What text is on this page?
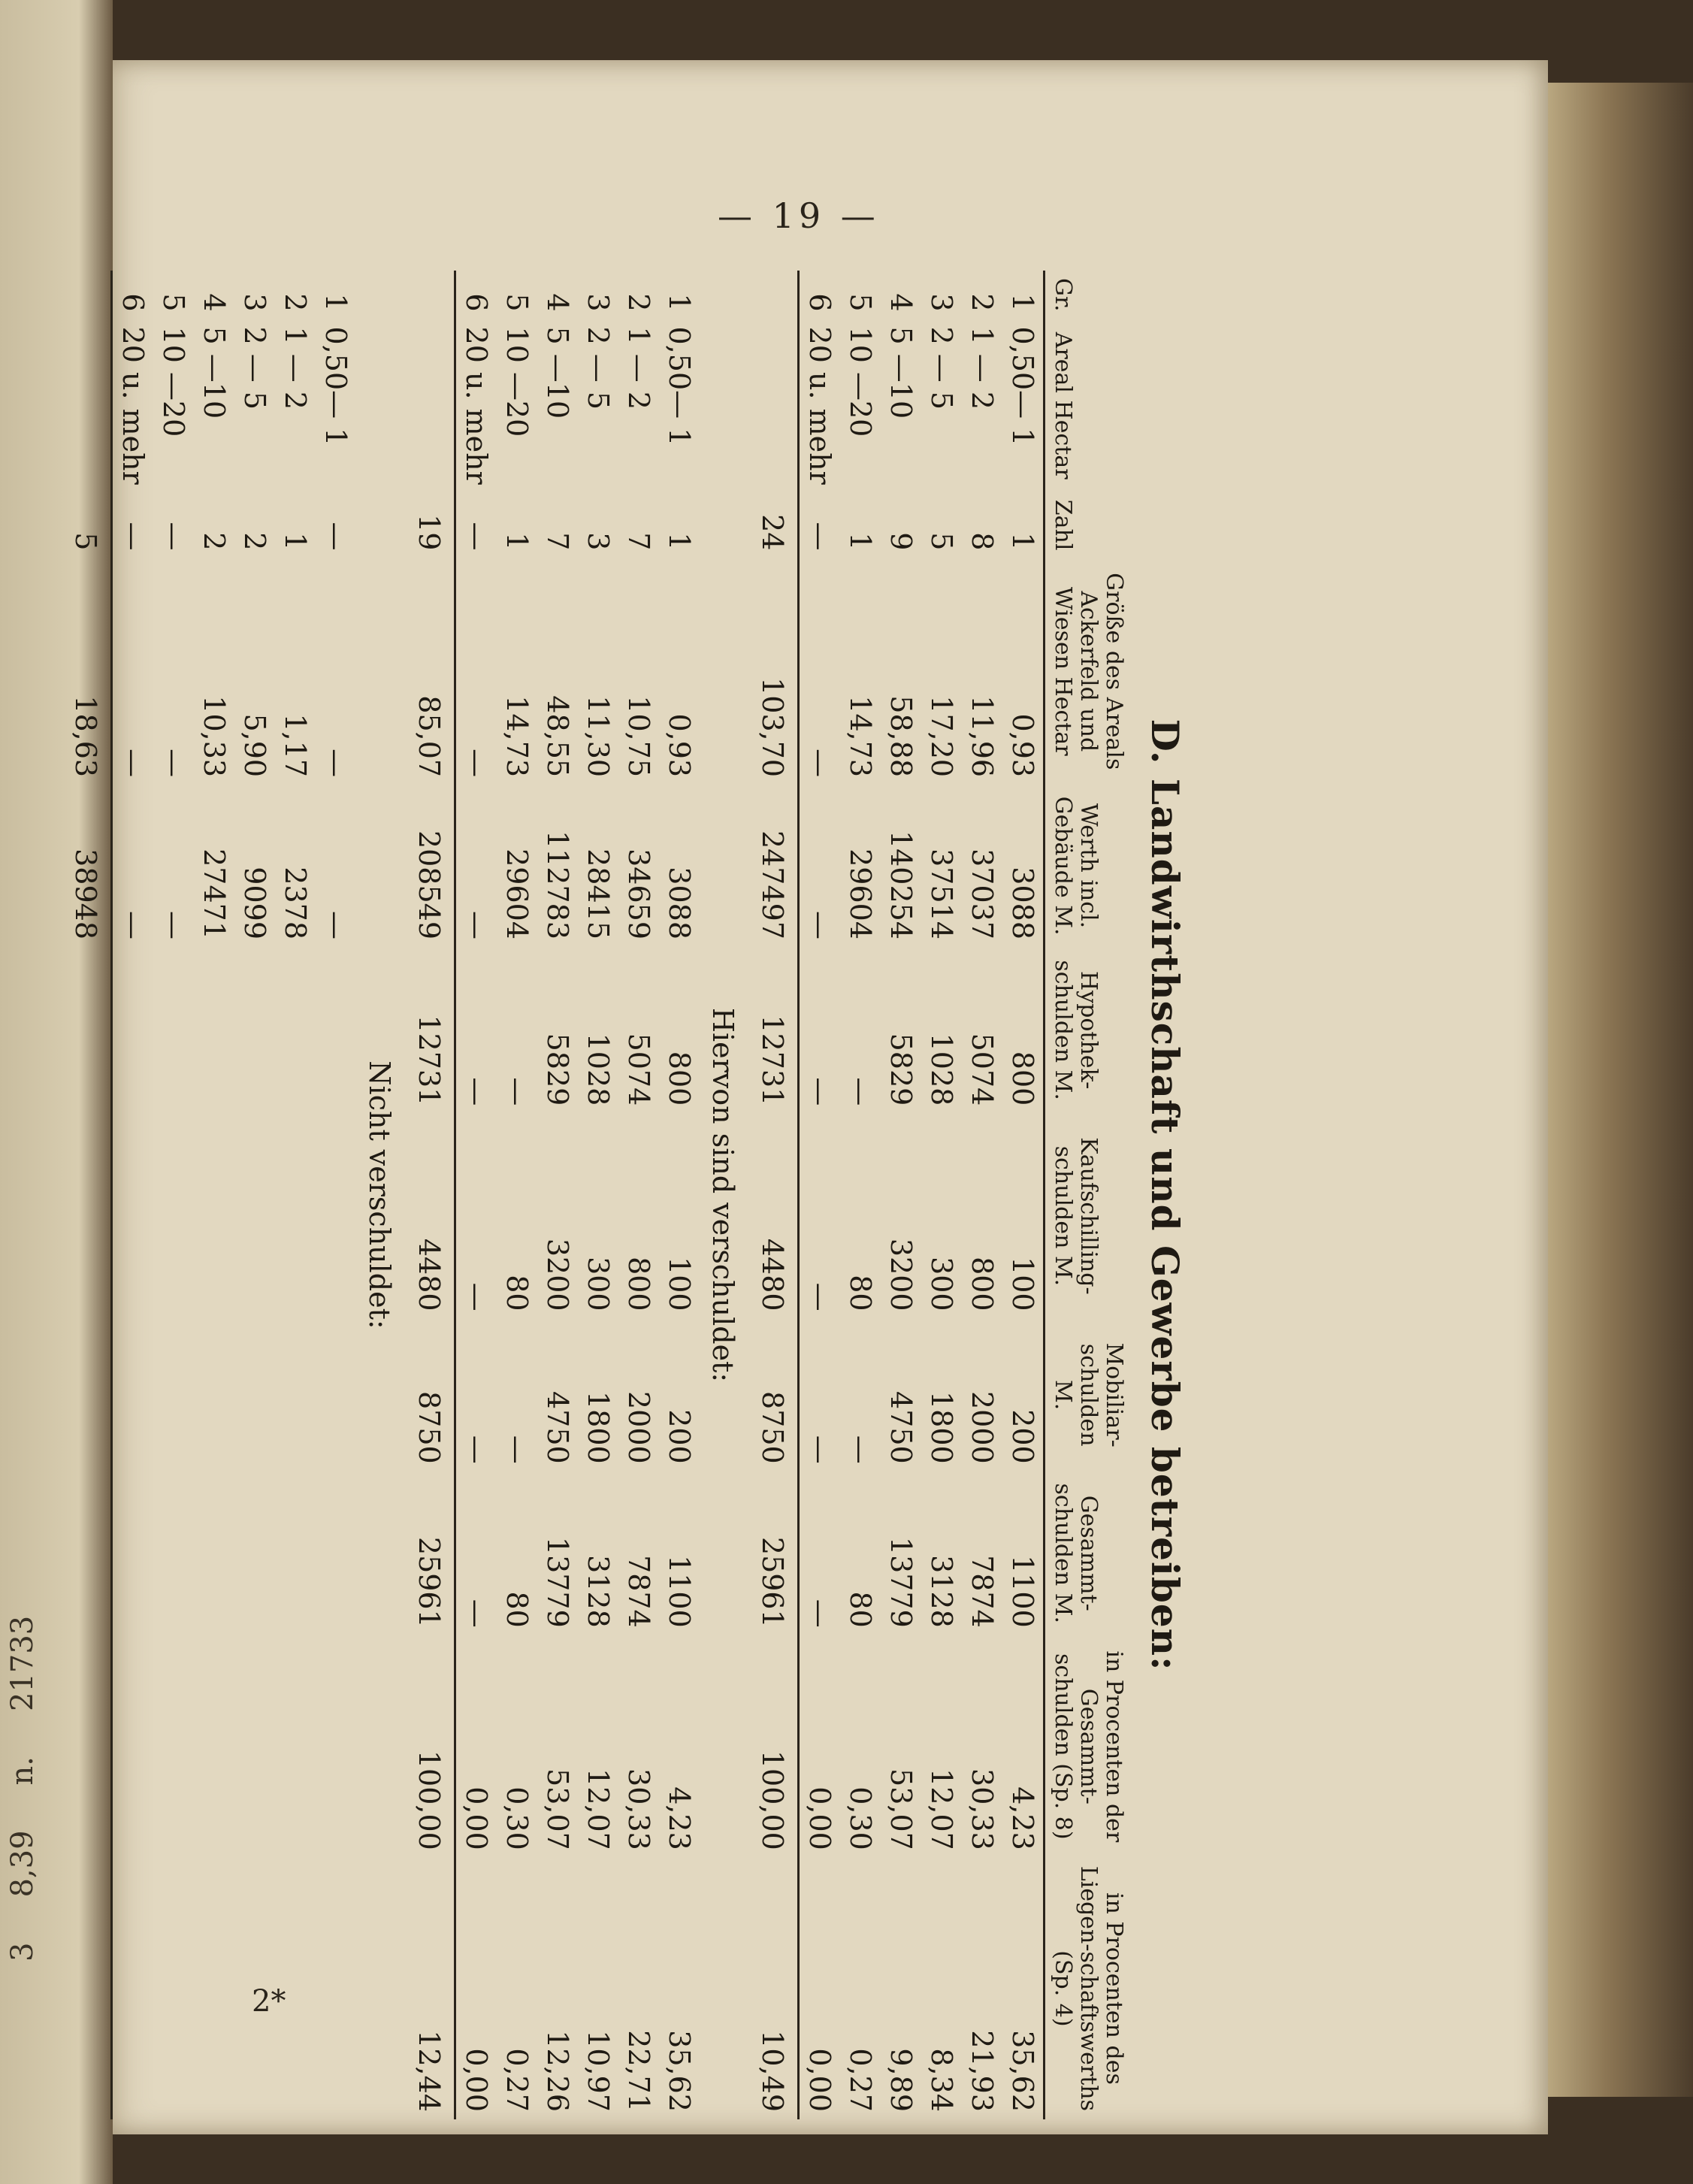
3
8,39
n.
21733
— 19 —
2*
D. Landwirthschaft und Gewerbe betreiben:
Gr.	Areal Hectar	Zahl	Größe des Areals Ackerfeld und Wiesen Hectar	Werth incl. Gebäude M.	Hypothek-schulden M.	Kaufschilling-schulden M.	Mobiliar-schulden M.	Gesammt-schulden M.	in Procenten der Gesammt-schulden (Sp. 8)	in Procenten des Liegen-schaftswerths (Sp. 4)
1	0,50— 1	1	0,93	3088	800	100	200	1100	4,23	35,62
2	1 — 2	8	11,96	37037	5074	800	2000	7874	30,33	21,93
3	2 — 5	5	17,20	37514	1028	300	1800	3128	12,07	8,34
4	5 —10	9	58,88	140254	5829	3200	4750	13779	53,07	9,89
5	10 —20	1	14,73	29604	—	80	—	80	0,30	0,27
6	20 u. mehr	—	—	—	—	—	—	—	0,00	0,00
		24	103,70	247497	12731	4480	8750	25961	100,00	10,49
Hiervon sind verschuldet:										
1	0,50— 1	1	0,93	3088	800	100	200	1100	4,23	35,62
2	1 — 2	7	10,75	34659	5074	800	2000	7874	30,33	22,71
3	2 — 5	3	11,30	28415	1028	300	1800	3128	12,07	10,97
4	5 —10	7	48,55	112783	5829	3200	4750	13779	53,07	12,26
5	10 —20	1	14,73	29604	—	80	—	80	0,30	0,27
6	20 u. mehr	—	—	—	—	—	—	—	0,00	0,00
		19	85,07	208549	12731	4480	8750	25961	100,00	12,44
Nicht verschuldet:										
1	0,50— 1	—	—	—						
2	1 — 2	1	1,17	2378						
3	2 — 5	2	5,90	9099						
4	5 —10	2	10,33	27471						
5	10 —20	—	—	—						
6	20 u. mehr	—	—	—						
		5	18,63	38948						
